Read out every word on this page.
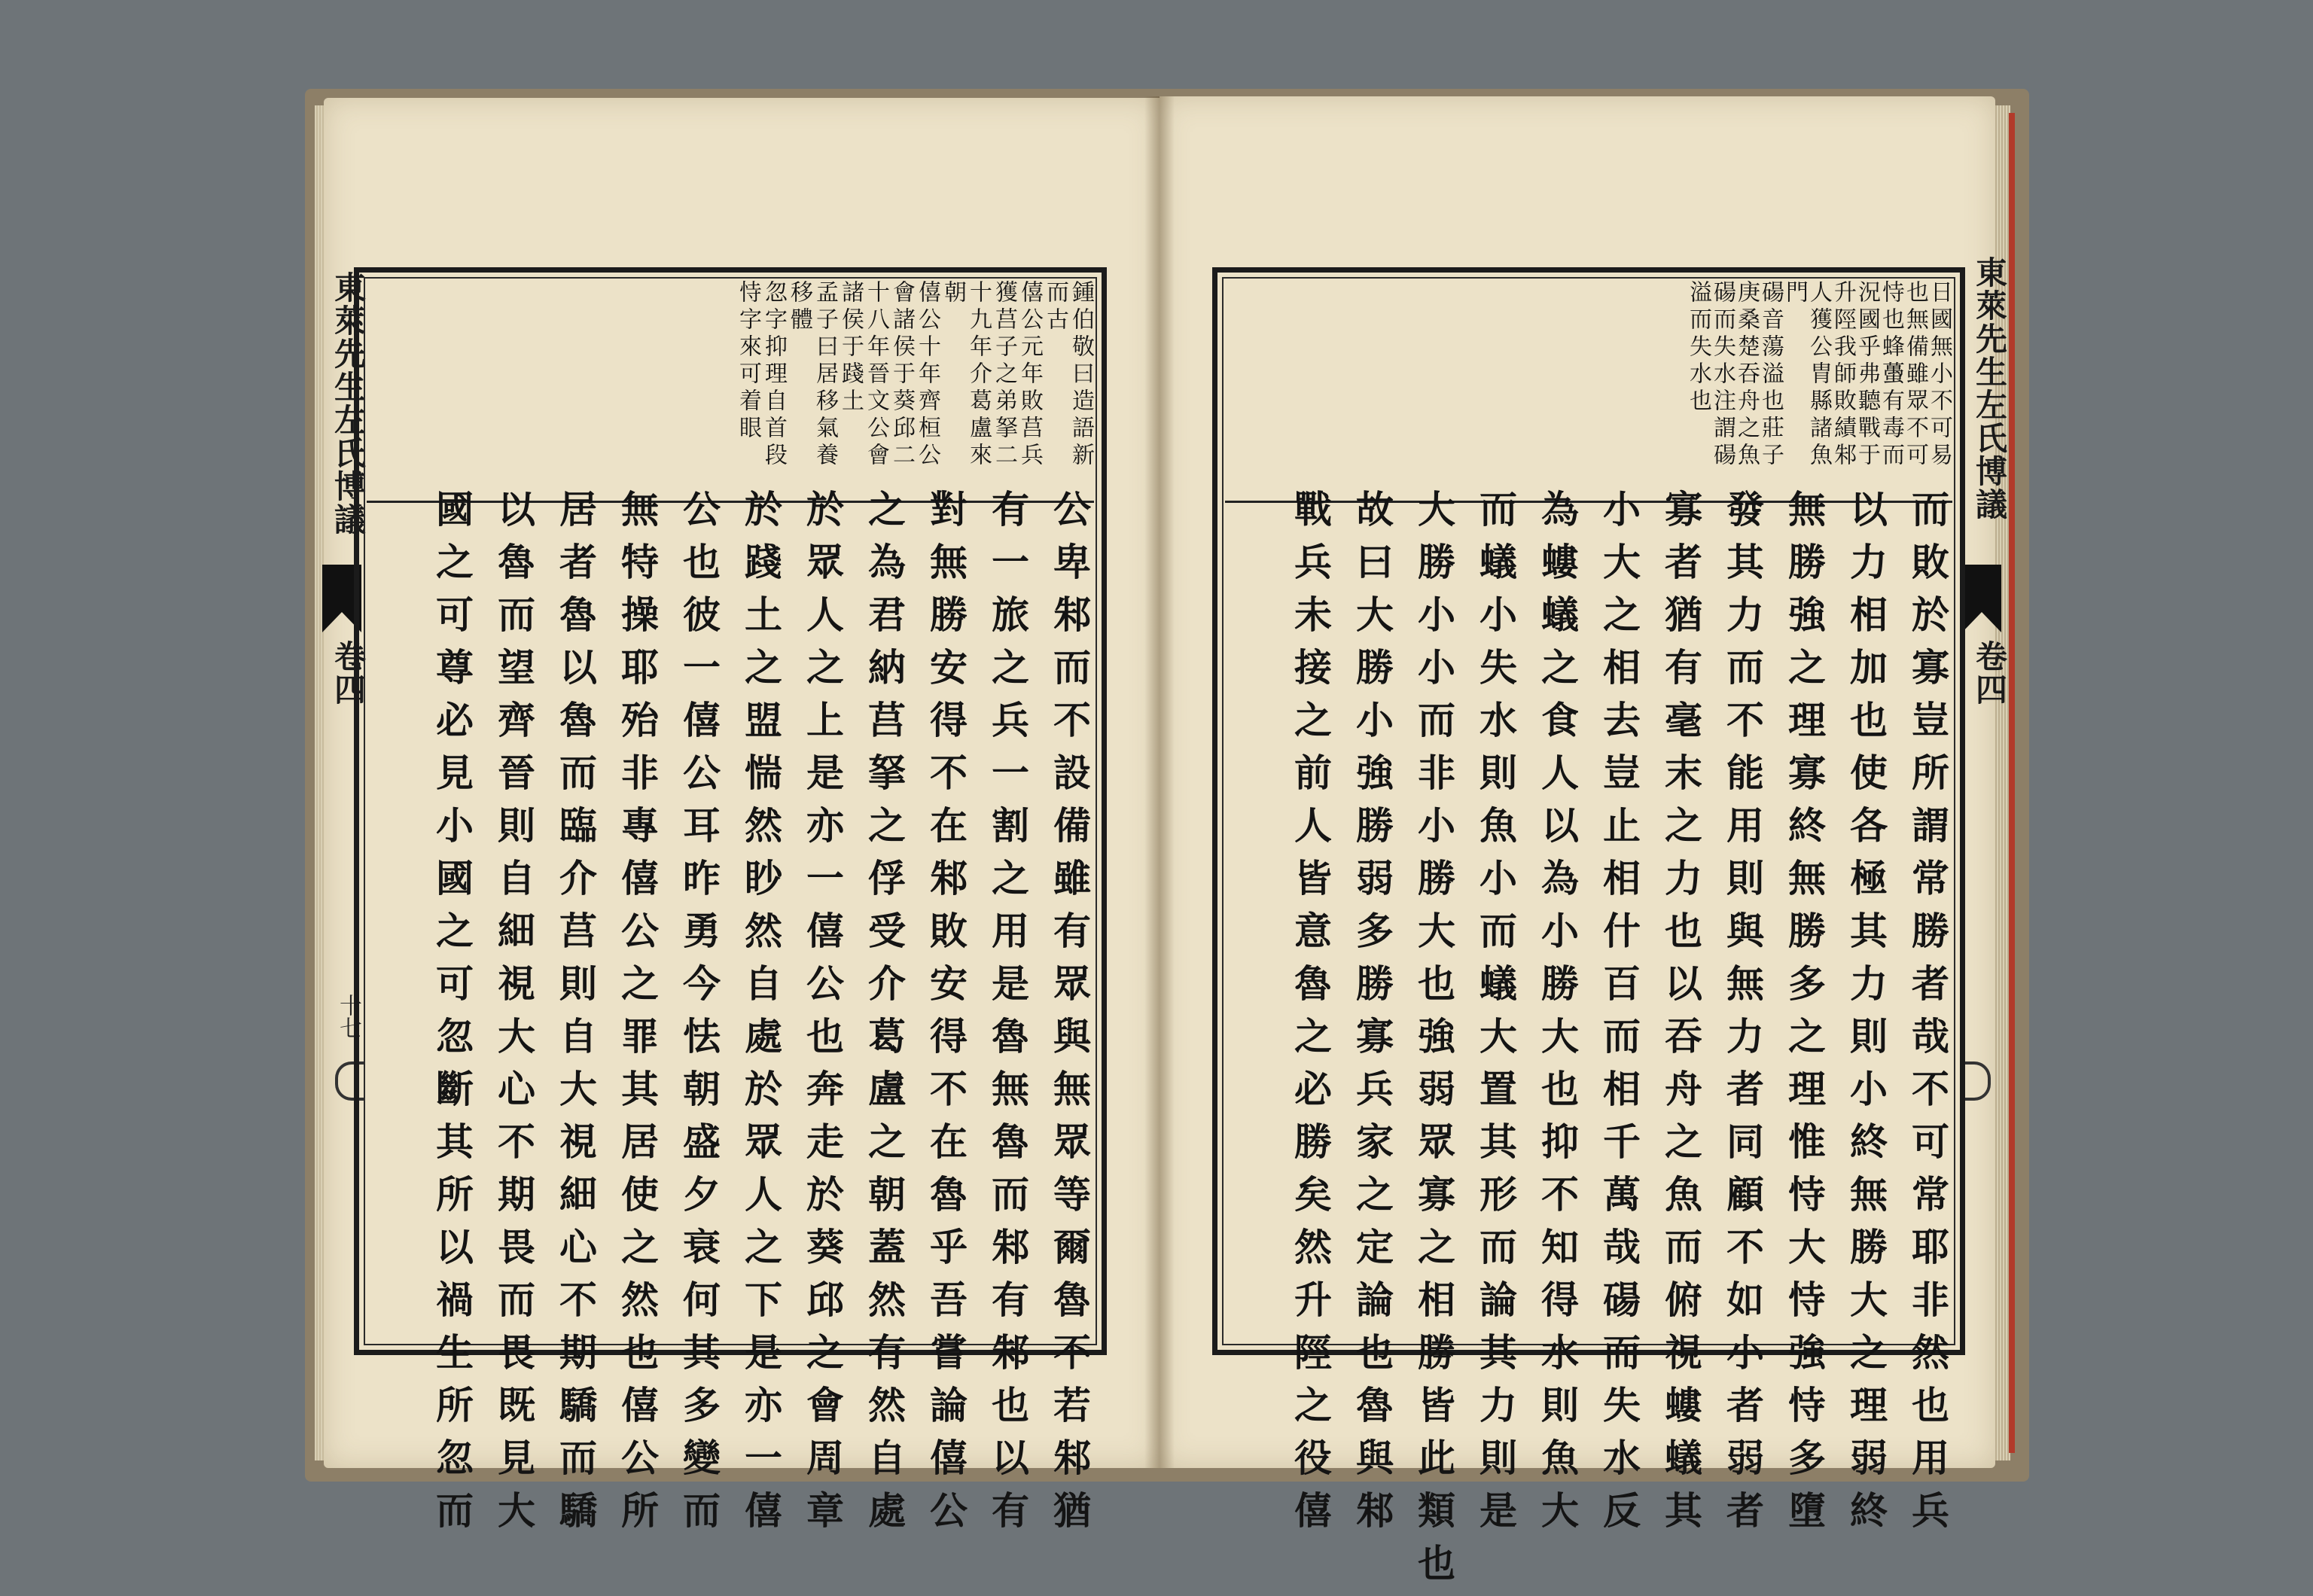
東萊先生左氏博議
卷四
十七
鍾伯敬曰造語新
而古
僖公元年敗莒兵
獲莒子之弟拏二
十九年介葛盧來
朝
僖公十年齊桓公
會諸侯于葵邱二
十八年晉文公會
諸侯于踐土
孟子曰居移氣養
移體
忽字抑理自首段
恃字來可着眼
公卑邾而不設備雖有眾與無眾等爾魯不若邾猶
有一旅之兵一割之用是魯無魯而邾有邾也以有
對無勝安得不在邾敗安得不在魯乎吾嘗論僖公
之為君納莒拏之俘受介葛盧之朝蓋然有然自處
於眾人之上是亦一僖公也奔走於葵邱之會周章
於踐土之盟惴然眇然自處於眾人之下是亦一僖
公也彼一僖公耳昨勇今怯朝盛夕衰何其多變而
無特操耶殆非專僖公之罪其居使之然也僖公所
居者魯以魯而臨介莒則自大視細心不期驕而驕
以魯而望齊晉則自細視大心不期畏而畏既見大
國之可尊必見小國之可忽斷其所以禍生所忽而
東萊先生左氏博議
卷四
日國無小不可易
也無備雖眾不可
恃也蜂蠆有毒而
況國乎弗聽戰于
升陘我師敗績邾
人獲公胄縣諸魚
門
碭音蕩溢也莊子
庚桑楚吞舟之魚
碭而失水注謂碭
溢而失水也
而敗於寡豈所謂常勝者哉不可常耶非然也用兵
以力相加也使各極其力則小終無勝大之理弱終
無勝強之理寡終無勝多之理惟恃大恃強恃多墮
發其力而不能用則與無力者同顧不如小者弱者
寡者猶有毫末之力也以吞舟之魚而俯視螻蟻其
小大之相去豈止相什百而相千萬哉碭而失水反
為螻蟻之食人以為小勝大也抑不知得水則魚大
而蟻小失水則魚小而蟻大置其形而論其力則是
大勝小小而非小勝大也強弱眾寡之相勝皆此類也
故曰大勝小強勝弱多勝寡兵家之定論也魯與邾
戰兵未接之前人皆意魯之必勝矣然升陘之役僖
